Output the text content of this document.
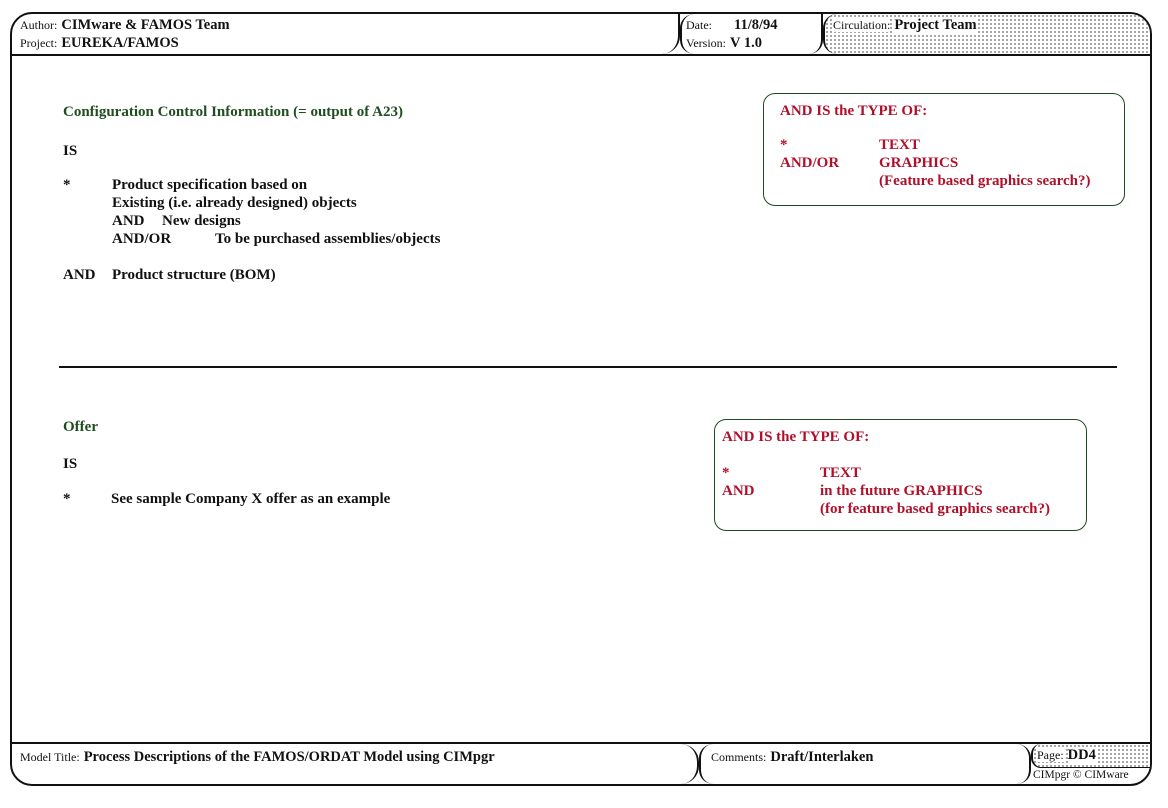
Author: CIMware & FAMOS Team
Project: EUREKA/FAMOS
Date: 11/8/94
Version: V 1.0
Circulation: Project Team
Configuration Control Information (= output of A23)
IS
*	Product specification based on
Existing (i.e. already designed) objects
AND New designs
AND/OR	To be purchased assemblies/objects
AND Product structure (BOM)
AND IS the TYPE OF:
*	TEXT
AND/OR	GRAPHICS
(Feature based graphics search?)
Offer
IS
*	See sample Company X offer as an example
AND IS the TYPE OF:
*	TEXT
AND	in the future GRAPHICS
(for feature based graphics search?)
Model Title: Process Descriptions of the FAMOS/ORDAT Model using CIMpgr	Comments: Draft/Interlaken	Page: DD4
CIMpgr © CIMware
